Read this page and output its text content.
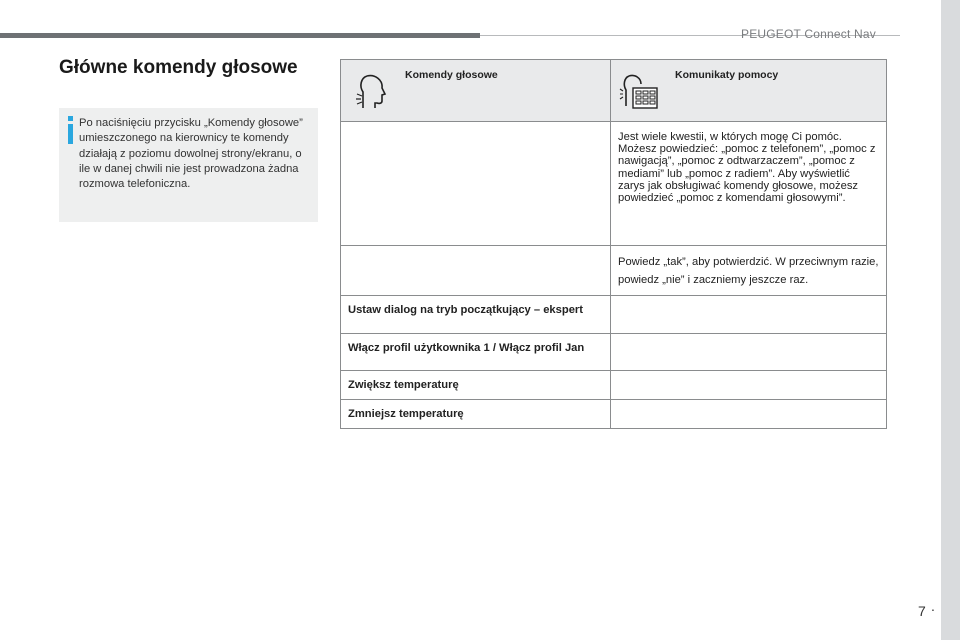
PEUGEOT Connect Nav
7 .
Główne komendy głosowe
Po naciśnięciu przycisku „Komendy głosowe” umieszczonego na kierownicy te komendy działają z poziomu dowolnej strony/ekranu, o ile w danej chwili nie jest prowadzona żadna rozmowa telefoniczna.
Komendy głosowe	Komunikaty pomocy

	Jest wiele kwestii, w których mogę Ci pomóc. Możesz powiedzieć: „pomoc z telefonem”, „pomoc z nawigacją”, „pomoc z odtwarzaczem”, „pomoc z mediami” lub „pomoc z radiem”. Aby wyświetlić zarys jak obsługiwać komendy głosowe, możesz powiedzieć „pomoc z komendami głosowymi”.

	Powiedz „tak”, aby potwierdzić. W przeciwnym razie, powiedz „nie” i zaczniemy jeszcze raz.

Ustaw dialog na tryb początkujący – ekspert	

Włącz profil użytkownika 1 / Włącz profil Jan	

Zwiększ temperaturę	

Zmniejsz temperaturę	
